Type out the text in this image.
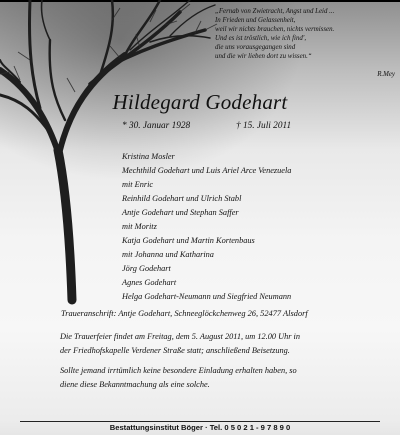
„Fernab von Zwietracht, Angst und Leid ...
In Frieden und Gelassenheit,
weil wir nichts brauchen, nichts vermissen.
Und es ist tröstlich, wie ich find',
die uns vorausgegangen sind
und die wir lieben dort zu wissen.“
R.Mey
Hildegard Godehart
* 30. Januar 1928	† 15. Juli 2011
Kristina Mosler
Mechthild Godehart und Luis Ariel Arce Venezuela
mit Enric
Reinhild Godehart und Ulrich Stabl
Antje Godehart und Stephan Saffer
mit Moritz
Katja Godehart und Martin Kortenbaus
mit Johanna und Katharina
Jörg Godehart
Agnes Godehart
Helga Godehart-Neumann und Siegfried Neumann
Traueranschrift: Antje Godehart, Schneeglöckchenweg 26, 52477 Alsdorf
Die Trauerfeier findet am Freitag, dem 5. August 2011, um 12.00 Uhr in
der Friedhofskapelle Verdener Straße statt; anschließend Beisetzung.
Sollte jemand irrtümlich keine besondere Einladung erhalten haben, so
diene diese Bekanntmachung als eine solche.
Bestattungsinstitut Böger · Tel. 0 5 0 2 1 - 9 7 8 9 0
